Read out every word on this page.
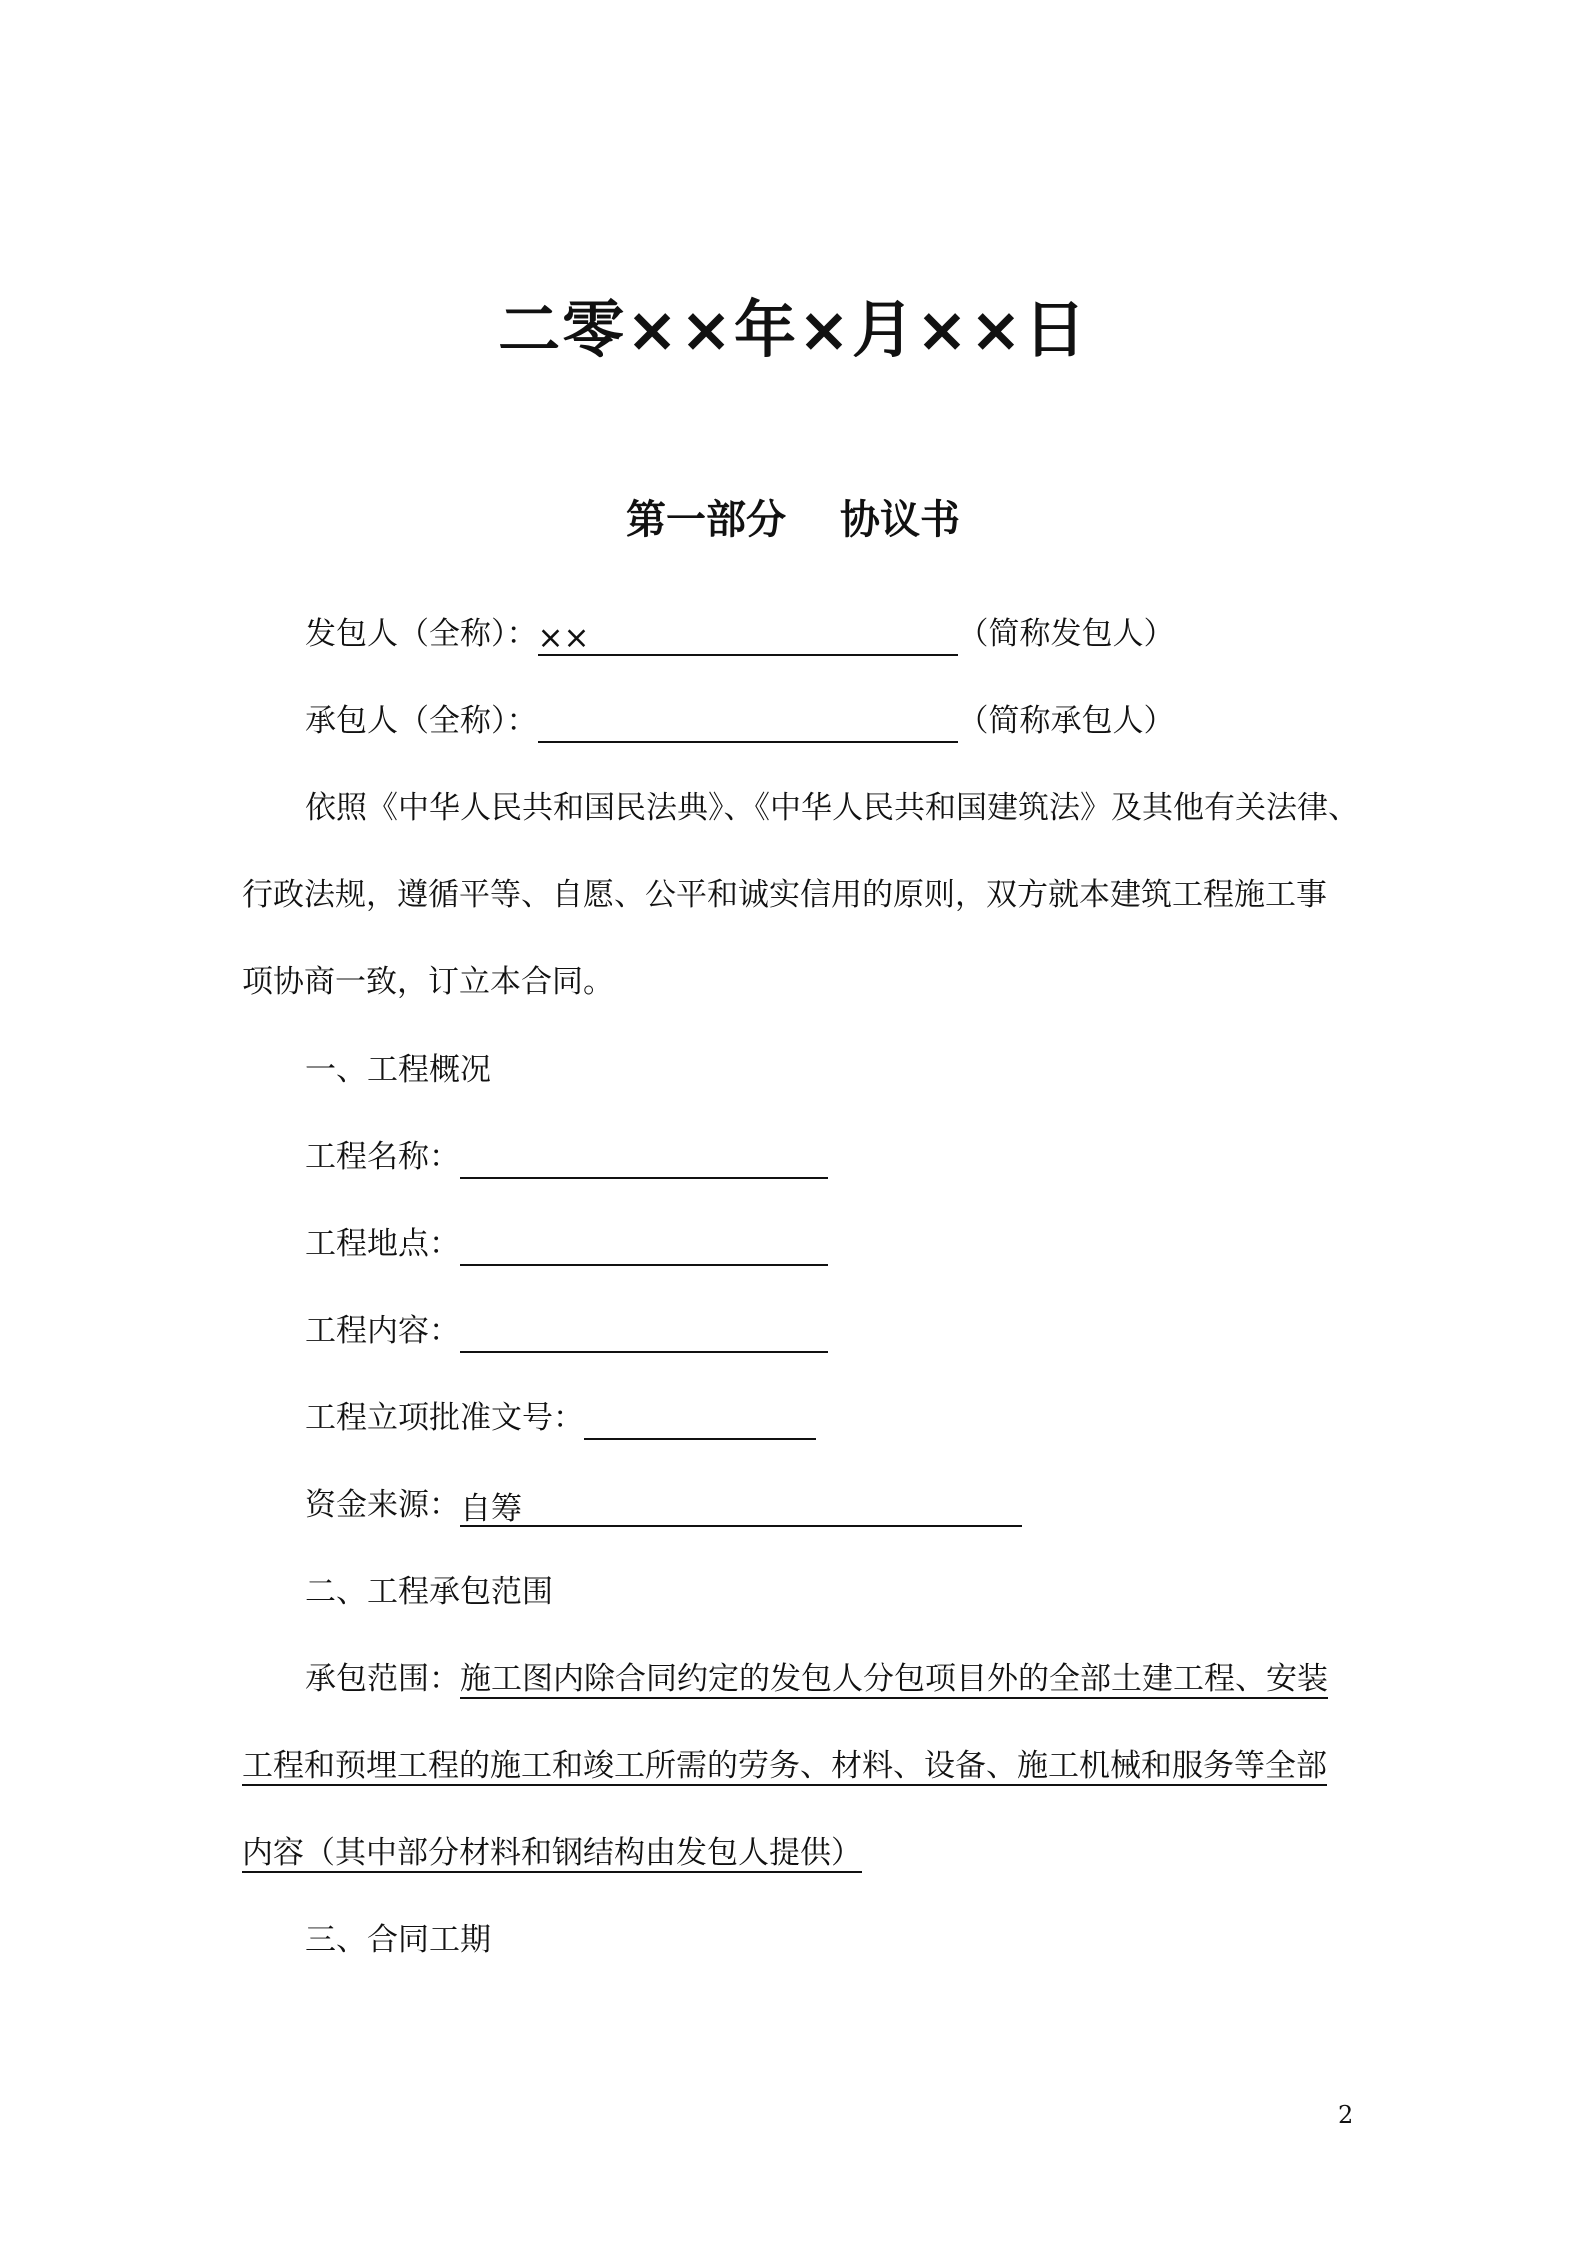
二零××年×月××日
第一部分　 协议书
发包人（全称）：××	（简称发包人）
承包人（全称）：	（简称承包人）
依照《中华人民共和国民法典》、《中华人民共和国建筑法》及其他有关法律、
行政法规，遵循平等、自愿、公平和诚实信用的原则，双方就本建筑工程施工事
项协商一致，订立本合同。
一、工程概况
工程名称：
工程地点：
工程内容：
工程立项批准文号：
资金来源：自筹
二、工程承包范围
承包范围：施工图内除合同约定的发包人分包项目外的全部土建工程、安装
工程和预埋工程的施工和竣工所需的劳务、材料、设备、施工机械和服务等全部
内容（其中部分材料和钢结构由发包人提供）
三、合同工期
2
